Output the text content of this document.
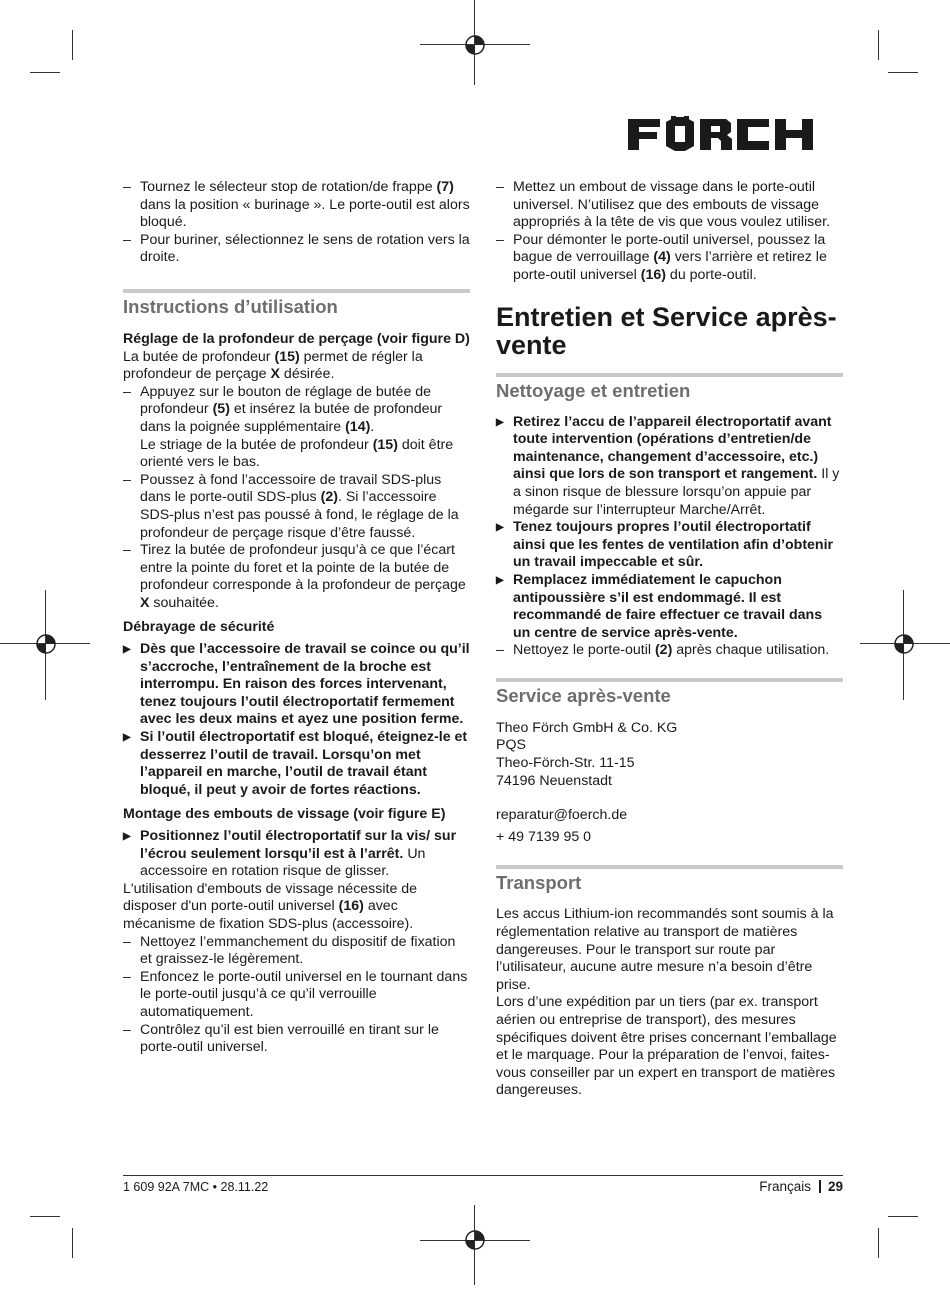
– Tournez le sélecteur stop de rotation/de frappe (7) dans la position « burinage ». Le porte-outil est alors bloqué.
– Pour buriner, sélectionnez le sens de rotation vers la droite.
Instructions d’utilisation

Réglage de la profondeur de perçage (voir figure D)

La butée de profondeur (15) permet de régler la profondeur de perçage X désirée.

– Appuyez sur le bouton de réglage de butée de profondeur (5) et insérez la butée de profondeur dans la poignée supplémentaire (14).
Le striage de la butée de profondeur (15) doit être orienté vers le bas.
– Poussez à fond l’accessoire de travail SDS-plus dans le porte-outil SDS-plus (2). Si l’accessoire SDS-plus n’est pas poussé à fond, le réglage de la profondeur de perçage risque d’être faussé.
– Tirez la butée de profondeur jusqu’à ce que l’écart entre la pointe du foret et la pointe de la butée de profondeur corresponde à la profondeur de perçage X souhaitée.

Débrayage de sécurité

▶ Dès que l’accessoire de travail se coince ou qu’il s’accroche, l’entraînement de la broche est interrompu. En raison des forces intervenant, tenez toujours l’outil électroportatif fermement avec les deux mains et ayez une position ferme.
▶ Si l’outil électroportatif est bloqué, éteignez-le et desserrez l’outil de travail. Lorsqu’on met l’appareil en marche, l’outil de travail étant bloqué, il peut y avoir de fortes réactions.

Montage des embouts de vissage (voir figure E)

▶ Positionnez l’outil électroportatif sur la vis/ sur l’écrou seulement lorsqu’il est à l’arrêt. Un accessoire en rotation risque de glisser.

L'utilisation d'embouts de vissage nécessite de disposer d'un porte-outil universel (16) avec mécanisme de fixation SDS-plus (accessoire).

– Nettoyez l’emmanchement du dispositif de fixation et graissez-le légèrement.
– Enfoncez le porte-outil universel en le tournant dans le porte-outil jusqu’à ce qu’il verrouille automatiquement.
– Contrôlez qu’il est bien verrouillé en tirant sur le porte-outil universel.
– Mettez un embout de vissage dans le porte-outil universel. N’utilisez que des embouts de vissage appropriés à la tête de vis que vous voulez utiliser.
– Pour démonter le porte-outil universel, poussez la bague de verrouillage (4) vers l’arrière et retirez le porte-outil universel (16) du porte-outil.
Entretien et Service après-vente
Nettoyage et entretien
▶ Retirez l’accu de l’appareil électroportatif avant toute intervention (opérations d’entretien/de maintenance, changement d’accessoire, etc.) ainsi que lors de son transport et rangement. Il y a sinon risque de blessure lorsqu’on appuie par mégarde sur l’interrupteur Marche/Arrêt.
▶ Tenez toujours propres l’outil électroportatif ainsi que les fentes de ventilation afin d’obtenir un travail impeccable et sûr.
▶ Remplacez immédiatement le capuchon antipoussière s’il est endommagé. Il est recommandé de faire effectuer ce travail dans un centre de service après-vente.
– Nettoyez le porte-outil (2) après chaque utilisation.
Service après-vente

Theo Förch GmbH & Co. KG

PQS

Theo-Förch-Str. 11-15

74196 Neuenstadt

reparatur@foerch.de

+ 49 7139 95 0

Transport

Les accus Lithium-ion recommandés sont soumis à la réglementation relative au transport de matières dangereuses. Pour le transport sur route par l’utilisateur, aucune autre mesure n’a besoin d’être prise.

Lors d’une expédition par un tiers (par ex. transport aérien ou entreprise de transport), des mesures spécifiques doivent être prises concernant l’emballage et le marquage. Pour la préparation de l’envoi, faites-vous conseiller par un expert en transport de matières dangereuses.

1 609 92A 7MC • 28.11.22	Français 29
